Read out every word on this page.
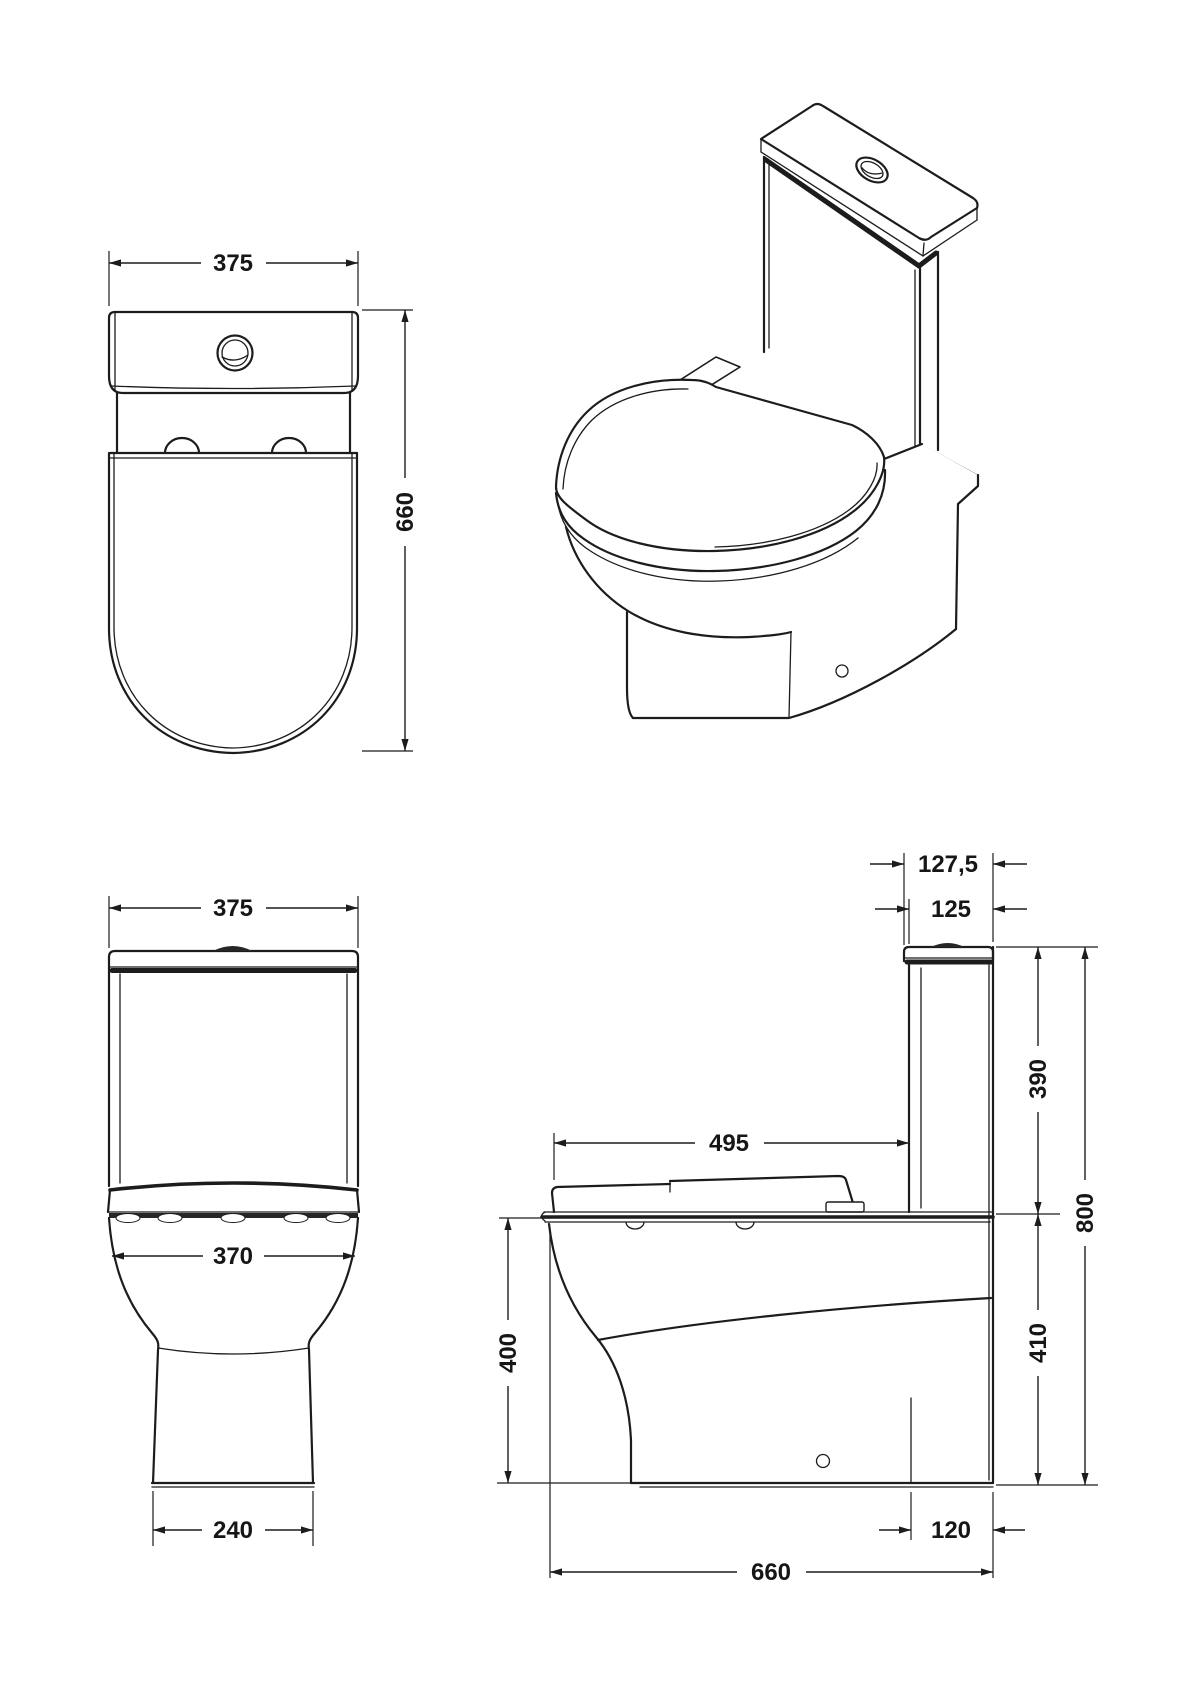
375
660
375
370
240
127,5
125
390
410
800
495
400
120
660
